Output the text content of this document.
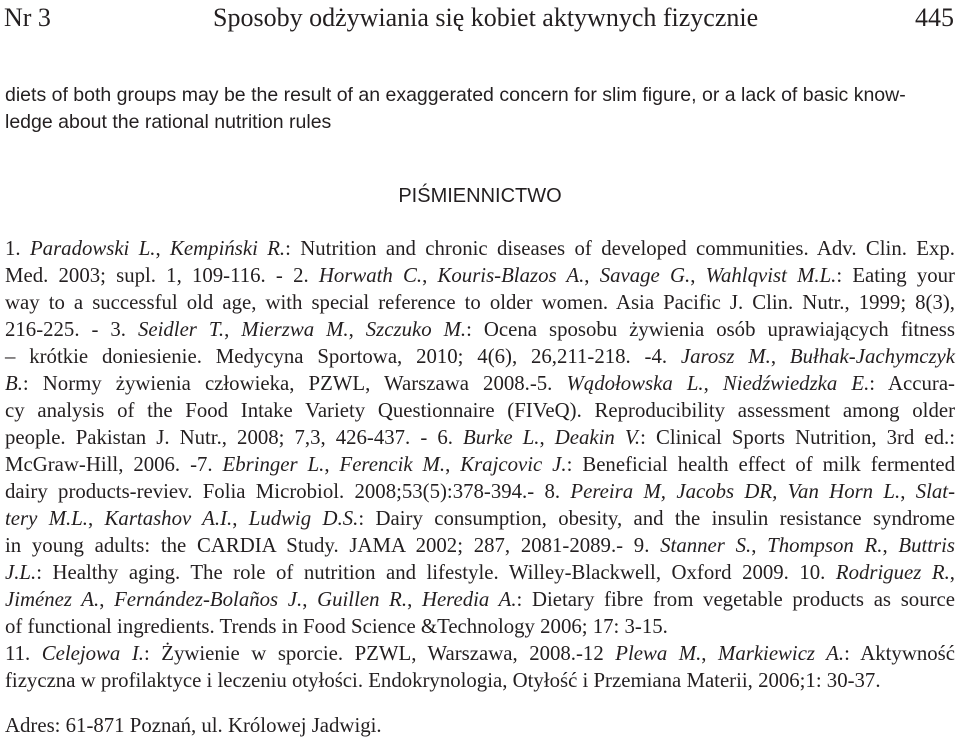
Nr 3	Sposoby odżywiania się kobiet aktywnych fizycznie	445

diets of both groups may be the result of an exaggerated concern for slim figure, or a lack of basic know-

ledge about the rational nutrition rules

PIŚMIENNICTWO

1. Paradowski L., Kempiński R.: Nutrition and chronic diseases of developed communities. Adv. Clin. Exp.

Med. 2003; supl. 1, 109-116. - 2. Horwath C., Kouris-Blazos A., Savage G., Wahlqvist M.L.: Eating your

way to a successful old age, with special reference to older women. Asia Pacific J. Clin. Nutr., 1999; 8(3),

216-225. - 3. Seidler T., Mierzwa M., Szczuko M.: Ocena sposobu żywienia osób uprawiających fitness

– krótkie doniesienie. Medycyna Sportowa, 2010; 4(6), 26,211-218. -4. Jarosz M., Bułhak-Jachymczyk

B.: Normy żywienia człowieka, PZWL, Warszawa 2008.-5. Wądołowska L., Niedźwiedzka E.: Accura-

cy analysis of the Food Intake Variety Questionnaire (FIVeQ). Reproducibility assessment among older

people. Pakistan J. Nutr., 2008; 7,3, 426-437. - 6. Burke L., Deakin V.: Clinical Sports Nutrition, 3rd ed.:

McGraw-Hill, 2006. -7. Ebringer L., Ferencik M., Krajcovic J.: Beneficial health effect of milk fermented

dairy products-reviev. Folia Microbiol. 2008;53(5):378-394.- 8. Pereira M, Jacobs DR, Van Horn L., Slat-

tery M.L., Kartashov A.I., Ludwig D.S.: Dairy consumption, obesity, and the insulin resistance syndrome

in young adults: the CARDIA Study. JAMA 2002; 287, 2081-2089.- 9. Stanner S., Thompson R., Buttris

J.L.: Healthy aging. The role of nutrition and lifestyle. Willey-Blackwell, Oxford 2009. 10. Rodriguez R.,

Jiménez A., Fernández-Bolaños J., Guillen R., Heredia A.: Dietary fibre from vegetable products as source

of functional ingredients. Trends in Food Science &Technology 2006; 17: 3-15.

11. Celejowa I.: Żywienie w sporcie. PZWL, Warszawa, 2008.-12 Plewa M., Markiewicz A.: Aktywność

fizyczna w profilaktyce i leczeniu otyłości. Endokrynologia, Otyłość i Przemiana Materii, 2006;1: 30-37.

Adres: 61-871 Poznań, ul. Królowej Jadwigi.
